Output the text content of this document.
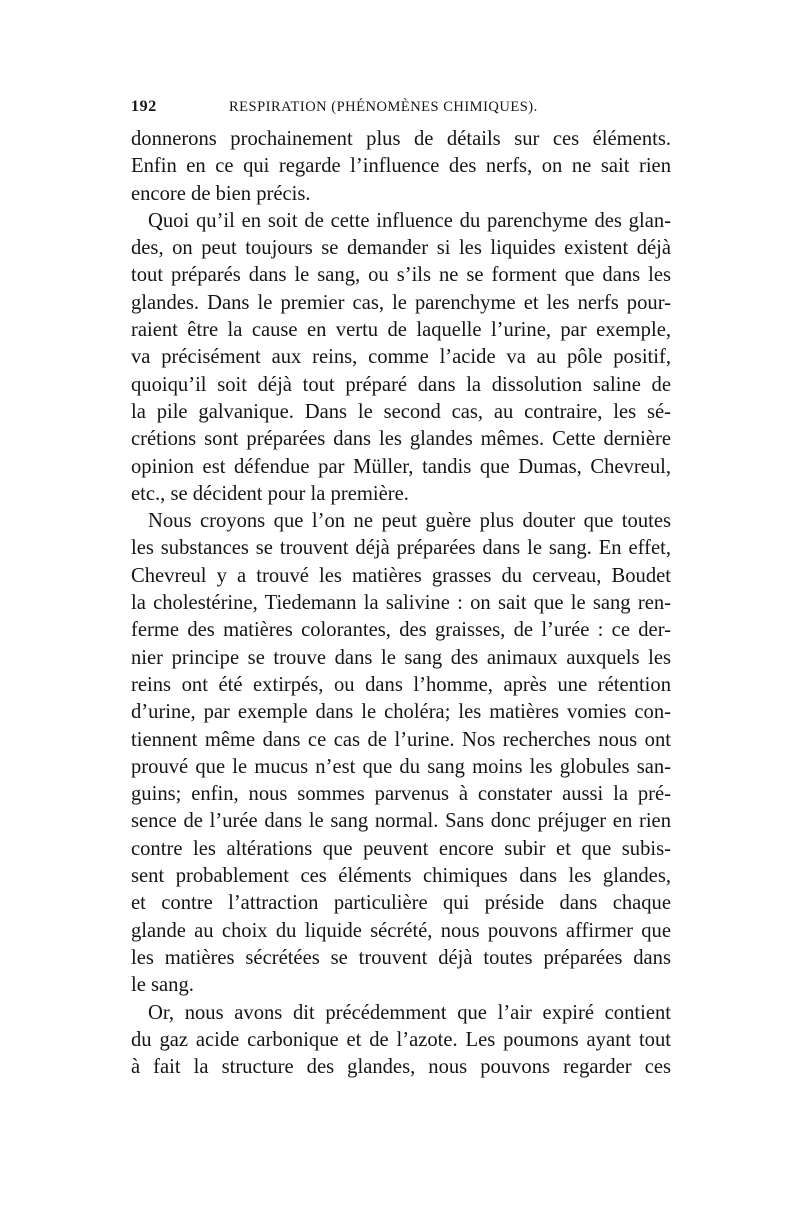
192	RESPIRATION (PHÉNOMÈNES CHIMIQUES).
donnerons prochainement plus de détails sur ces éléments.
Enfin en ce qui regarde l’influence des nerfs, on ne sait rien
encore de bien précis.
Quoi qu’il en soit de cette influence du parenchyme des glan-
des, on peut toujours se demander si les liquides existent déjà
tout préparés dans le sang, ou s’ils ne se forment que dans les
glandes. Dans le premier cas, le parenchyme et les nerfs pour-
raient être la cause en vertu de laquelle l’urine, par exemple,
va précisément aux reins, comme l’acide va au pôle positif,
quoiqu’il soit déjà tout préparé dans la dissolution saline de
la pile galvanique. Dans le second cas, au contraire, les sé-
crétions sont préparées dans les glandes mêmes. Cette dernière
opinion est défendue par Müller, tandis que Dumas, Chevreul,
etc., se décident pour la première.
Nous croyons que l’on ne peut guère plus douter que toutes
les substances se trouvent déjà préparées dans le sang. En effet,
Chevreul y a trouvé les matières grasses du cerveau, Boudet
la cholestérine, Tiedemann la salivine : on sait que le sang ren-
ferme des matières colorantes, des graisses, de l’urée : ce der-
nier principe se trouve dans le sang des animaux auxquels les
reins ont été extirpés, ou dans l’homme, après une rétention
d’urine, par exemple dans le choléra; les matières vomies con-
tiennent même dans ce cas de l’urine. Nos recherches nous ont
prouvé que le mucus n’est que du sang moins les globules san-
guins; enfin, nous sommes parvenus à constater aussi la pré-
sence de l’urée dans le sang normal. Sans donc préjuger en rien
contre les altérations que peuvent encore subir et que subis-
sent probablement ces éléments chimiques dans les glandes,
et contre l’attraction particulière qui préside dans chaque
glande au choix du liquide sécrété, nous pouvons affirmer que
les matières sécrétées se trouvent déjà toutes préparées dans
le sang.
Or, nous avons dit précédemment que l’air expiré contient
du gaz acide carbonique et de l’azote. Les poumons ayant tout
à fait la structure des glandes, nous pouvons regarder ces
